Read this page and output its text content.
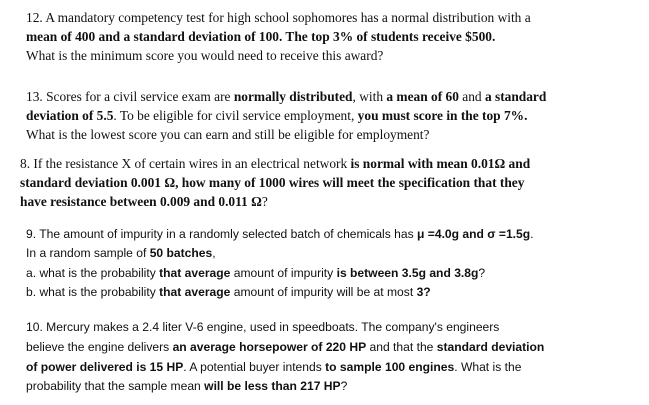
12. A mandatory competency test for high school sophomores has a normal distribution with a
mean of 400 and a standard deviation of 100. The top 3% of students receive $500.
What is the minimum score you would need to receive this award?
13. Scores for a civil service exam are normally distributed, with a mean of 60 and a standard
deviation of 5.5. To be eligible for civil service employment, you must score in the top 7%.
What is the lowest score you can earn and still be eligible for employment?
8. If the resistance X of certain wires in an electrical network is normal with mean 0.01Ω and
standard deviation 0.001 Ω, how many of 1000 wires will meet the specification that they
have resistance between 0.009 and 0.011 Ω?
9. The amount of impurity in a randomly selected batch of chemicals has μ =4.0g and σ =1.5g.
In a random sample of 50 batches,
a. what is the probability that average amount of impurity is between 3.5g and 3.8g?
b. what is the probability that average amount of impurity will be at most 3?
10. Mercury makes a 2.4 liter V-6 engine, used in speedboats. The company's engineers
believe the engine delivers an average horsepower of 220 HP and that the standard deviation
of power delivered is 15 HP. A potential buyer intends to sample 100 engines. What is the
probability that the sample mean will be less than 217 HP?
